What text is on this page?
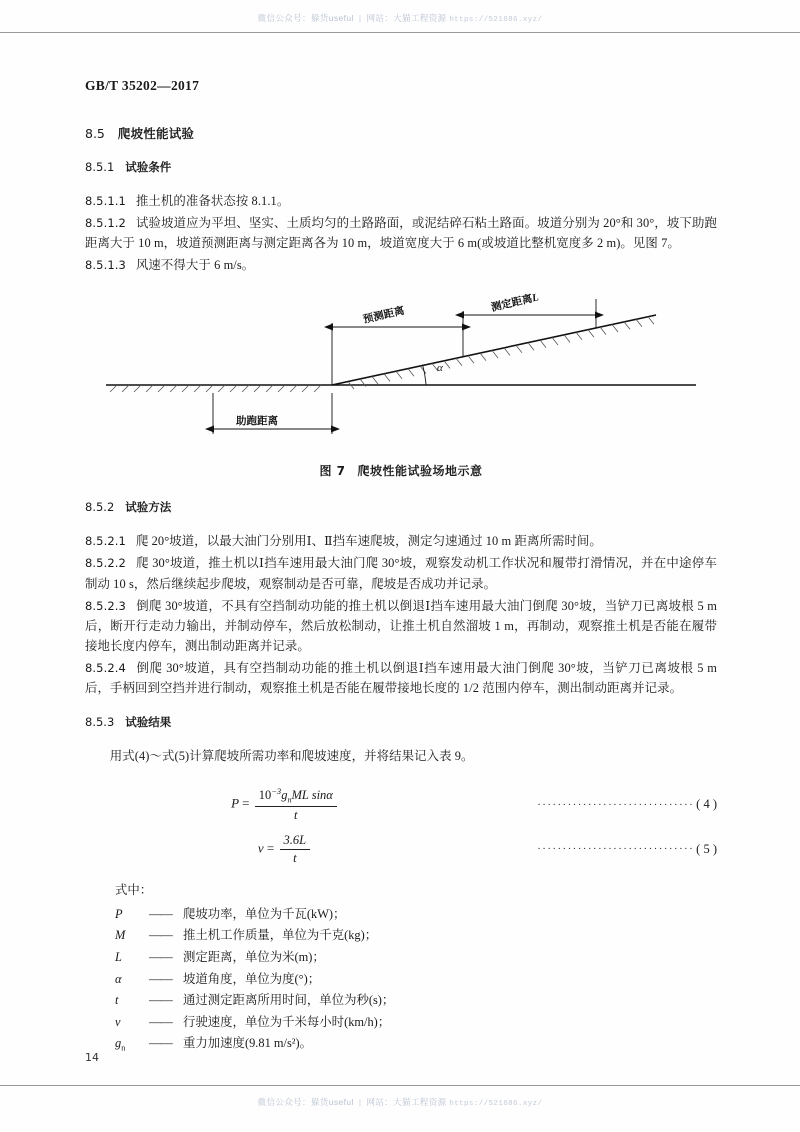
微信公众号：躲货useful | 网站：大猫工程资源 https://521686.xyz/
GB/T 35202—2017
8.5 爬坡性能试验
8.5.1 试验条件

8.5.1.1 推土机的准备状态按 8.1.1。

8.5.1.2 试验坡道应为平坦、坚实、土质均匀的土路路面，或泥结碎石粘土路面。坡道分别为 20°和 30°，坡下助跑距离大于 10 m，坡道预测距离与测定距离各为 10 m，坡道宽度大于 6 m(或坡道比整机宽度多 2 m)。见图 7。

8.5.1.3 风速不得大于 6 m/s。

α
预测距离
测定距离L
助跑距离
图 7 爬坡性能试验场地示意
8.5.2 试验方法

8.5.2.1 爬 20°坡道，以最大油门分别用Ⅰ、Ⅱ挡车速爬坡，测定匀速通过 10 m 距离所需时间。

8.5.2.2 爬 30°坡道，推土机以Ⅰ挡车速用最大油门爬 30°坡，观察发动机工作状况和履带打滑情况，并在中途停车制动 10 s，然后继续起步爬坡，观察制动是否可靠，爬坡是否成功并记录。

8.5.2.3 倒爬 30°坡道，不具有空挡制动功能的推土机以倒退Ⅰ挡车速用最大油门倒爬 30°坡，当铲刀已离坡根 5 m 后，断开行走动力输出，并制动停车，然后放松制动，让推土机自然溜坡 1 m，再制动，观察推土机是否能在履带接地长度内停车，测出制动距离并记录。

8.5.2.4 倒爬 30°坡道，具有空挡制动功能的推土机以倒退Ⅰ挡车速用最大油门倒爬 30°坡，当铲刀已离坡根 5 m 后，手柄回到空挡并进行制动，观察推土机是否能在履带接地长度的 1/2 范围内停车，测出制动距离并记录。

8.5.3 试验结果

用式(4)～式(5)计算爬坡所需功率和爬坡速度，并将结果记入表 9。

$P = \frac{10^{-3}g_nML \sin\alpha}{t}$	······························· ( 4 )
$v = \frac{3.6L}{t}$	······························· ( 5 )
式中：
P	—— 爬坡功率，单位为千瓦(kW)；
M	—— 推土机工作质量，单位为千克(kg)；
L	—— 测定距离，单位为米(m)；
α	—— 坡道角度，单位为度(°)；
t	—— 通过测定距离所用时间，单位为秒(s)；
v	—— 行驶速度，单位为千米每小时(km/h)；
$g_n$	—— 重力加速度(9.81 m/s²)。
14
微信公众号：躲货useful | 网站：大猫工程资源 https://521686.xyz/
